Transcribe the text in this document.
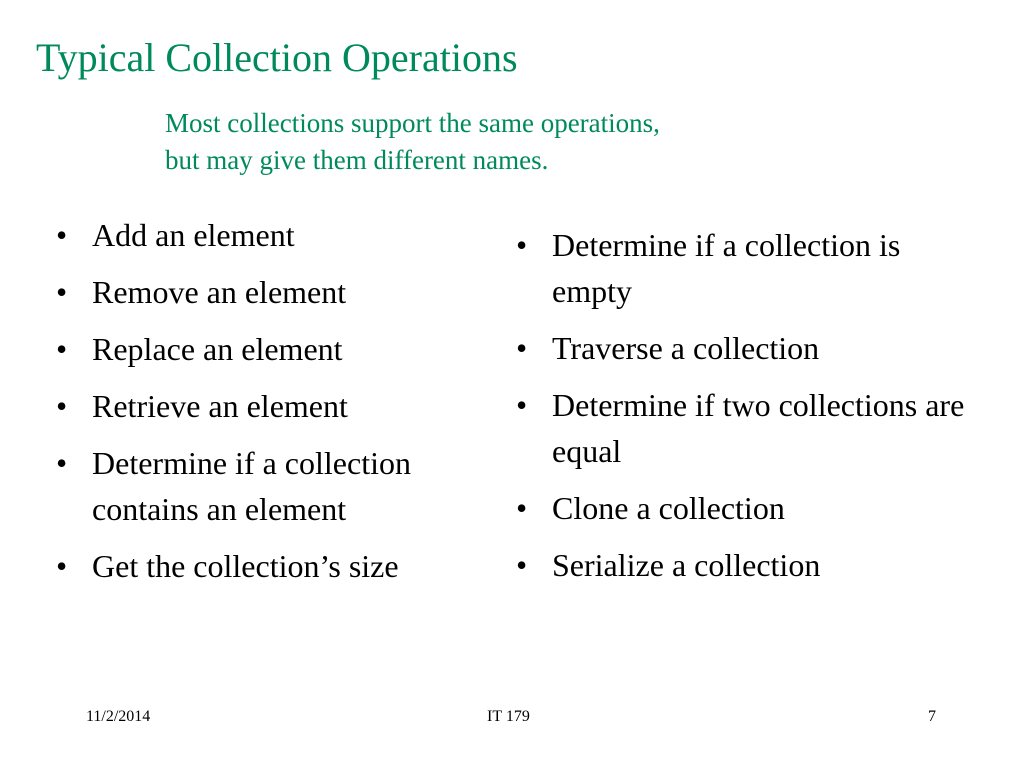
Typical Collection Operations
Most collections support the same operations,
but may give them different names.
• Add an element
• Remove an element
• Replace an element
• Retrieve an element
• Determine if a collection contains an element
• Get the collection’s size
• Determine if a collection is empty
• Traverse a collection
• Determine if two collections are equal
• Clone a collection
• Serialize a collection
11/2/2014	IT 179	7
